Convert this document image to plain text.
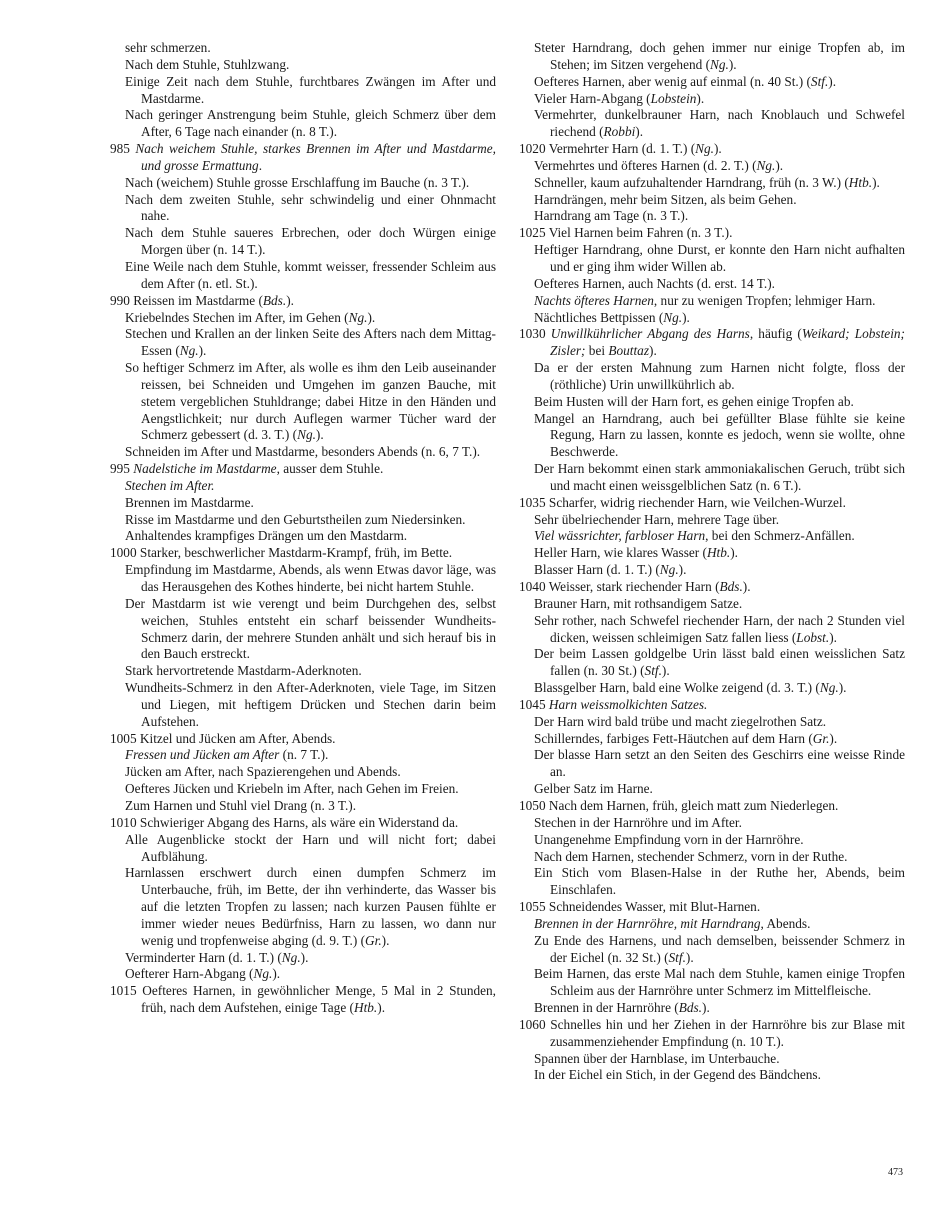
sehr schmerzen.

Nach dem Stuhle, Stuhlzwang.

Einige Zeit nach dem Stuhle, furchtbares Zwängen im After und Mastdarme.

Nach geringer Anstrengung beim Stuhle, gleich Schmerz über dem After, 6 Tage nach einander (n. 8 T.).

985 Nach weichem Stuhle, starkes Brennen im After und Mastdarme, und grosse Ermattung.

Nach (weichem) Stuhle grosse Erschlaffung im Bauche (n. 3 T.).

Nach dem zweiten Stuhle, sehr schwindelig und einer Ohnmacht nahe.

Nach dem Stuhle saueres Erbrechen, oder doch Würgen einige Morgen über (n. 14 T.).

Eine Weile nach dem Stuhle, kommt weisser, fressender Schleim aus dem After (n. etl. St.).

990 Reissen im Mastdarme (Bds.).

Kriebelndes Stechen im After, im Gehen (Ng.).

Stechen und Krallen an der linken Seite des Afters nach dem Mittag-Essen (Ng.).

So heftiger Schmerz im After, als wolle es ihm den Leib auseinander reissen, bei Schneiden und Umgehen im ganzen Bauche, mit stetem vergeblichen Stuhldrange; dabei Hitze in den Händen und Aengstlichkeit; nur durch Auflegen warmer Tücher ward der Schmerz gebessert (d. 3. T.) (Ng.).

Schneiden im After und Mastdarme, besonders Abends (n. 6, 7 T.).

995 Nadelstiche im Mastdarme, ausser dem Stuhle.

Stechen im After.

Brennen im Mastdarme.

Risse im Mastdarme und den Geburtstheilen zum Niedersinken.

Anhaltendes krampfiges Drängen um den Mastdarm.

1000 Starker, beschwerlicher Mastdarm-Krampf, früh, im Bette.

Empfindung im Mastdarme, Abends, als wenn Etwas davor läge, was das Herausgehen des Kothes hinderte, bei nicht hartem Stuhle.

Der Mastdarm ist wie verengt und beim Durchgehen des, selbst weichen, Stuhles entsteht ein scharf beissender Wundheits-Schmerz darin, der mehrere Stunden anhält und sich herauf bis in den Bauch erstreckt.

Stark hervortretende Mastdarm-Aderknoten.

Wundheits-Schmerz in den After-Aderknoten, viele Tage, im Sitzen und Liegen, mit heftigem Drücken und Stechen darin beim Aufstehen.

1005 Kitzel und Jücken am After, Abends.

Fressen und Jücken am After (n. 7 T.).

Jücken am After, nach Spazierengehen und Abends.

Oefteres Jücken und Kriebeln im After, nach Gehen im Freien.

Zum Harnen und Stuhl viel Drang (n. 3 T.).

1010 Schwieriger Abgang des Harns, als wäre ein Widerstand da.

Alle Augenblicke stockt der Harn und will nicht fort; dabei Aufblähung.

Harnlassen erschwert durch einen dumpfen Schmerz im Unterbauche, früh, im Bette, der ihn verhinderte, das Wasser bis auf die letzten Tropfen zu lassen; nach kurzen Pausen fühlte er immer wieder neues Bedürfniss, Harn zu lassen, wo dann nur wenig und tropfenweise abging (d. 9. T.) (Gr.).

Verminderter Harn (d. 1. T.) (Ng.).

Oefterer Harn-Abgang (Ng.).

1015 Oefteres Harnen, in gewöhnlicher Menge, 5 Mal in 2 Stunden, früh, nach dem Aufstehen, einige Tage (Htb.).

Steter Harndrang, doch gehen immer nur einige Tropfen ab, im Stehen; im Sitzen vergehend (Ng.).

Oefteres Harnen, aber wenig auf einmal (n. 40 St.) (Stf.).

Vieler Harn-Abgang (Lobstein).

Vermehrter, dunkelbrauner Harn, nach Knoblauch und Schwefel riechend (Robbi).

1020 Vermehrter Harn (d. 1. T.) (Ng.).

Vermehrtes und öfteres Harnen (d. 2. T.) (Ng.).

Schneller, kaum aufzuhaltender Harndrang, früh (n. 3 W.) (Htb.).

Harndrängen, mehr beim Sitzen, als beim Gehen.

Harndrang am Tage (n. 3 T.).

1025 Viel Harnen beim Fahren (n. 3 T.).

Heftiger Harndrang, ohne Durst, er konnte den Harn nicht aufhalten und er ging ihm wider Willen ab.

Oefteres Harnen, auch Nachts (d. erst. 14 T.).

Nachts öfteres Harnen, nur zu wenigen Tropfen; lehmiger Harn.

Nächtliches Bettpissen (Ng.).

1030 Unwillkührlicher Abgang des Harns, häufig (Weikard; Lobstein; Zisler; bei Bouttaz).

Da er der ersten Mahnung zum Harnen nicht folgte, floss der (röthliche) Urin unwillkührlich ab.

Beim Husten will der Harn fort, es gehen einige Tropfen ab.

Mangel an Harndrang, auch bei gefüllter Blase fühlte sie keine Regung, Harn zu lassen, konnte es jedoch, wenn sie wollte, ohne Beschwerde.

Der Harn bekommt einen stark ammoniakalischen Geruch, trübt sich und macht einen weissgelblichen Satz (n. 6 T.).

1035 Scharfer, widrig riechender Harn, wie Veilchen-Wurzel.

Sehr übelriechender Harn, mehrere Tage über.

Viel wässrichter, farbloser Harn, bei den Schmerz-Anfällen.

Heller Harn, wie klares Wasser (Htb.).

Blasser Harn (d. 1. T.) (Ng.).

1040 Weisser, stark riechender Harn (Bds.).

Brauner Harn, mit rothsandigem Satze.

Sehr rother, nach Schwefel riechender Harn, der nach 2 Stunden viel dicken, weissen schleimigen Satz fallen liess (Lobst.).

Der beim Lassen goldgelbe Urin lässt bald einen weisslichen Satz fallen (n. 30 St.) (Stf.).

Blassgelber Harn, bald eine Wolke zeigend (d. 3. T.) (Ng.).

1045 Harn weissmolkichten Satzes.

Der Harn wird bald trübe und macht ziegelrothen Satz.

Schillerndes, farbiges Fett-Häutchen auf dem Harn (Gr.).

Der blasse Harn setzt an den Seiten des Geschirrs eine weisse Rinde an.

Gelber Satz im Harne.

1050 Nach dem Harnen, früh, gleich matt zum Niederlegen.

Stechen in der Harnröhre und im After.

Unangenehme Empfindung vorn in der Harnröhre.

Nach dem Harnen, stechender Schmerz, vorn in der Ruthe.

Ein Stich vom Blasen-Halse in der Ruthe her, Abends, beim Einschlafen.

1055 Schneidendes Wasser, mit Blut-Harnen.

Brennen in der Harnröhre, mit Harndrang, Abends.

Zu Ende des Harnens, und nach demselben, beissender Schmerz in der Eichel (n. 32 St.) (Stf.).

Beim Harnen, das erste Mal nach dem Stuhle, kamen einige Tropfen Schleim aus der Harnröhre unter Schmerz im Mittelfleische.

Brennen in der Harnröhre (Bds.).

1060 Schnelles hin und her Ziehen in der Harnröhre bis zur Blase mit zusammenziehender Empfindung (n. 10 T.).

Spannen über der Harnblase, im Unterbauche.

In der Eichel ein Stich, in der Gegend des Bändchens.

473
